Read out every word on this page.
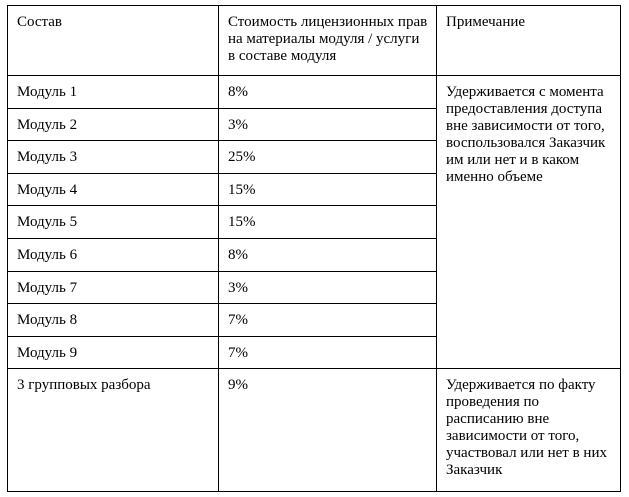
Состав	Стоимость лицензионных прав на материалы модуля / услуги в составе модуля	Примечание
Модуль 1	8%	Удерживается с момента предоставления доступа вне зависимости от того, воспользовался Заказчик им или нет и в каком именно объеме
Модуль 2	3%	
Модуль 3	25%	
Модуль 4	15%	
Модуль 5	15%	
Модуль 6	8%	
Модуль 7	3%	
Модуль 8	7%	
Модуль 9	7%	
3 групповых разбора	9%	Удерживается по факту проведения по расписанию вне зависимости от того, участвовал или нет в них Заказчик
